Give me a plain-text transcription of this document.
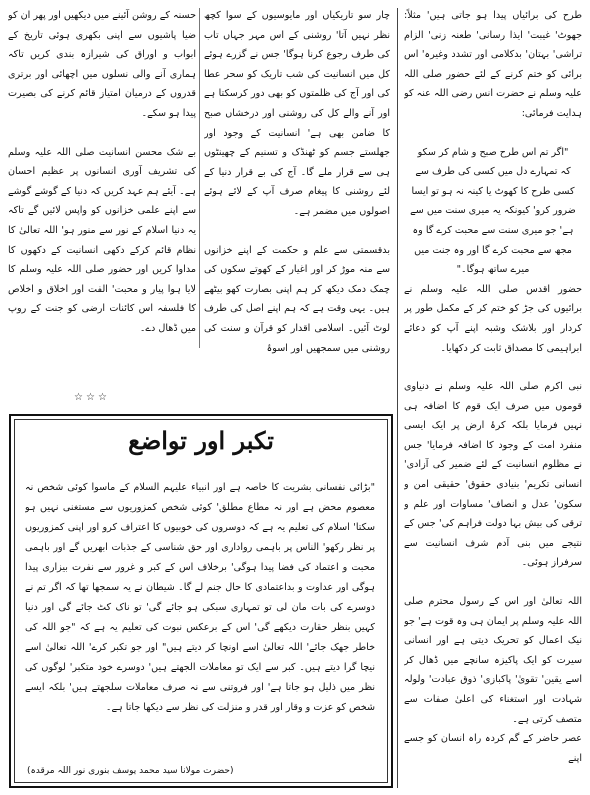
طرح کی برائیاں پیدا ہو جاتی ہیں' مثلاً: جھوٹ' غیبت' ایذا رسانی' طعنہ زنی' الزام تراشی' بہتان' بدکلامی اور تشدد وغیرہ' اس برائی کو ختم کرنے کے لئے حضور صلی اللہ علیہ وسلم نے حضرت انس رضی اللہ عنہ کو ہدایت فرمائی:

"اگر تم اس طرح صبح و شام کر سکو

کہ تمہارے دل میں کسی کی طرف سے

کسی طرح کا کھوٹ یا کینہ نہ ہو تو ایسا

ضرور کرو' کیونکہ یہ میری سنت میں سے

ہے' جو میری سنت سے محبت کرے گا وہ

مجھ سے محبت کرے گا اور وہ جنت میں

میرے ساتھ ہوگا۔"

حضور اقدس صلی اللہ علیہ وسلم نے برائیوں کی جڑ کو ختم کر کے مکمل طور پر کردار اور بلاشک وشبہ اپنے آپ کو دعائے ابراہیمی کا مصداق ثابت کر دکھایا۔

نبی اکرم صلی اللہ علیہ وسلم نے دنیاوی قوموں میں صرف ایک قوم کا اضافہ ہی نہیں فرمایا بلکہ کرۂ ارض پر ایک ایسی منفرد امت کے وجود کا اضافہ فرمایا' جس نے مظلوم انسانیت کے لئے ضمیر کی آزادی' انسانی تکریم' بنیادی حقوق' حقیقی امن و سکون' عدل و انصاف' مساوات اور علم و ترقی کی بیش بہا دولت فراہم کی' جس کے نتیجے میں بنی آدم شرف انسانیت سے سرفراز ہوئی۔

اللہ تعالیٰ اور اس کے رسول محترم صلی اللہ علیہ وسلم پر ایمان ہی وہ قوت ہے' جو نیک اعمال کو تحریک دیتی ہے اور انسانی سیرت کو ایک پاکیزہ سانچے میں ڈھال کر اسے یقین' تقویٰ' پاکبازی' ذوق عبادت' ولولہ شہادت اور استغناء کی اعلیٰ صفات سے متصف کرتی ہے۔

عصر حاضر کے گم کردہ راہ انسان کو جسے اپنے

چار سو تاریکیاں اور مایوسیوں کے سوا کچھ نظر نہیں آتا' روشنی کے اس مہر جہاں تاب کی طرف رجوع کرنا ہوگا' جس نے گزرے ہوئے کل میں انسانیت کی شب تاریک کو سحر عطا کی اور آج کی ظلمتوں کو بھی دور کرسکتا ہے اور آنے والے کل کی روشنی اور درخشاں صبح کا ضامن بھی ہے' انسانیت کے وجود اور جھلستے جسم کو ٹھنڈک و تسنیم کے چھینٹوں ہی سے قرار ملے گا۔ آج کی بے قرار دنیا کے لئے روشنی کا پیغام صرف آپ کے لائے ہوئے اصولوں میں مضمر ہے۔

بدقسمتی سے علم و حکمت کے اپنے خزانوں سے منہ موڑ کر اور اغیار کے کھوتے سکوں کی چمک دمک دیکھ کر ہم اپنی بصارت کھو بیٹھے ہیں۔ یہی وقت ہے کہ ہم اپنے اصل کی طرف لوٹ آئیں۔ اسلامی اقدار کو قرآن و سنت کی روشنی میں سمجھیں اور اسوۂ

حسنہ کے روشن آئینے میں دیکھیں اور پھر ان کو ضیا پاشیوں سے اپنی بکھری ہوئی تاریخ کے ابواب و اوراق کی شیرازہ بندی کریں تاکہ ہماری آنے والی نسلوں میں اچھائی اور برتری قدروں کے درمیان امتیاز قائم کرنے کی بصیرت پیدا ہو سکے۔

بے شک محسن انسانیت صلی اللہ علیہ وسلم کی تشریف آوری انسانوں پر عظیم احسان ہے۔ آیئے ہم عہد کریں کہ دنیا کے گوشے گوشے سے اپنے علمی خزانوں کو واپس لائیں گے تاکہ یہ دنیا اسلام کے نور سے منور ہو' اللہ تعالیٰ کا نظام قائم کرکے دکھی انسانیت کے دکھوں کا مداوا کریں اور حضور صلی اللہ علیہ وسلم کا لایا ہوا پیار و محبت' الفت اور اخلاق و اخلاص کا فلسفہ اس کائنات ارضی کو جنت کے روپ میں ڈھال دے۔

☆☆☆
تکبر اور تواضع

"بڑائی نفسانی بشریت کا خاصہ ہے اور انبیاء علیہم السلام کے ماسوا کوئی شخص نہ معصوم محض ہے اور نہ مطاع مطلق' کوئی شخص کمزوریوں سے مستغنی نہیں ہو سکتا' اسلام کی تعلیم یہ ہے کہ دوسروں کی خوبیوں کا اعتراف کرو اور اپنی کمزوریوں پر نظر رکھو' الناس پر باہمی رواداری اور حق شناسی کے جذبات ابھریں گے اور باہمی محبت و اعتماد کی فضا پیدا ہوگی' برخلاف اس کے کبر و غرور سے نفرت بیزاری پیدا ہوگی اور عداوت و بداعتمادی کا حال جنم لے گا۔ شیطان نے یہ سمجھا تھا کہ اگر تم نے دوسرے کی بات مان لی تو تمہاری سبکی ہو جائے گی' تو ناک کٹ جائے گی اور دنیا کہیں بنظر حقارت دیکھے گی' اس کے برعکس نبوت کی تعلیم یہ ہے کہ "جو اللہ کی خاطر جھک جائے' اللہ تعالیٰ اسے اونچا کر دیتے ہیں" اور جو تکبر کرے' اللہ تعالیٰ اسے نیچا گرا دیتے ہیں۔ کبر سے ایک تو معاملات الجھتے ہیں' دوسرے خود متکبر' لوگوں کی نظر میں ذلیل ہو جاتا ہے' اور فروتنی سے نہ صرف معاملات سلجھتے ہیں' بلکہ ایسے شخص کو عزت و وقار اور قدر و منزلت کی نظر سے دیکھا جاتا ہے۔

(حضرت مولانا سید محمد یوسف بنوری نور اللہ مرقدہ)
